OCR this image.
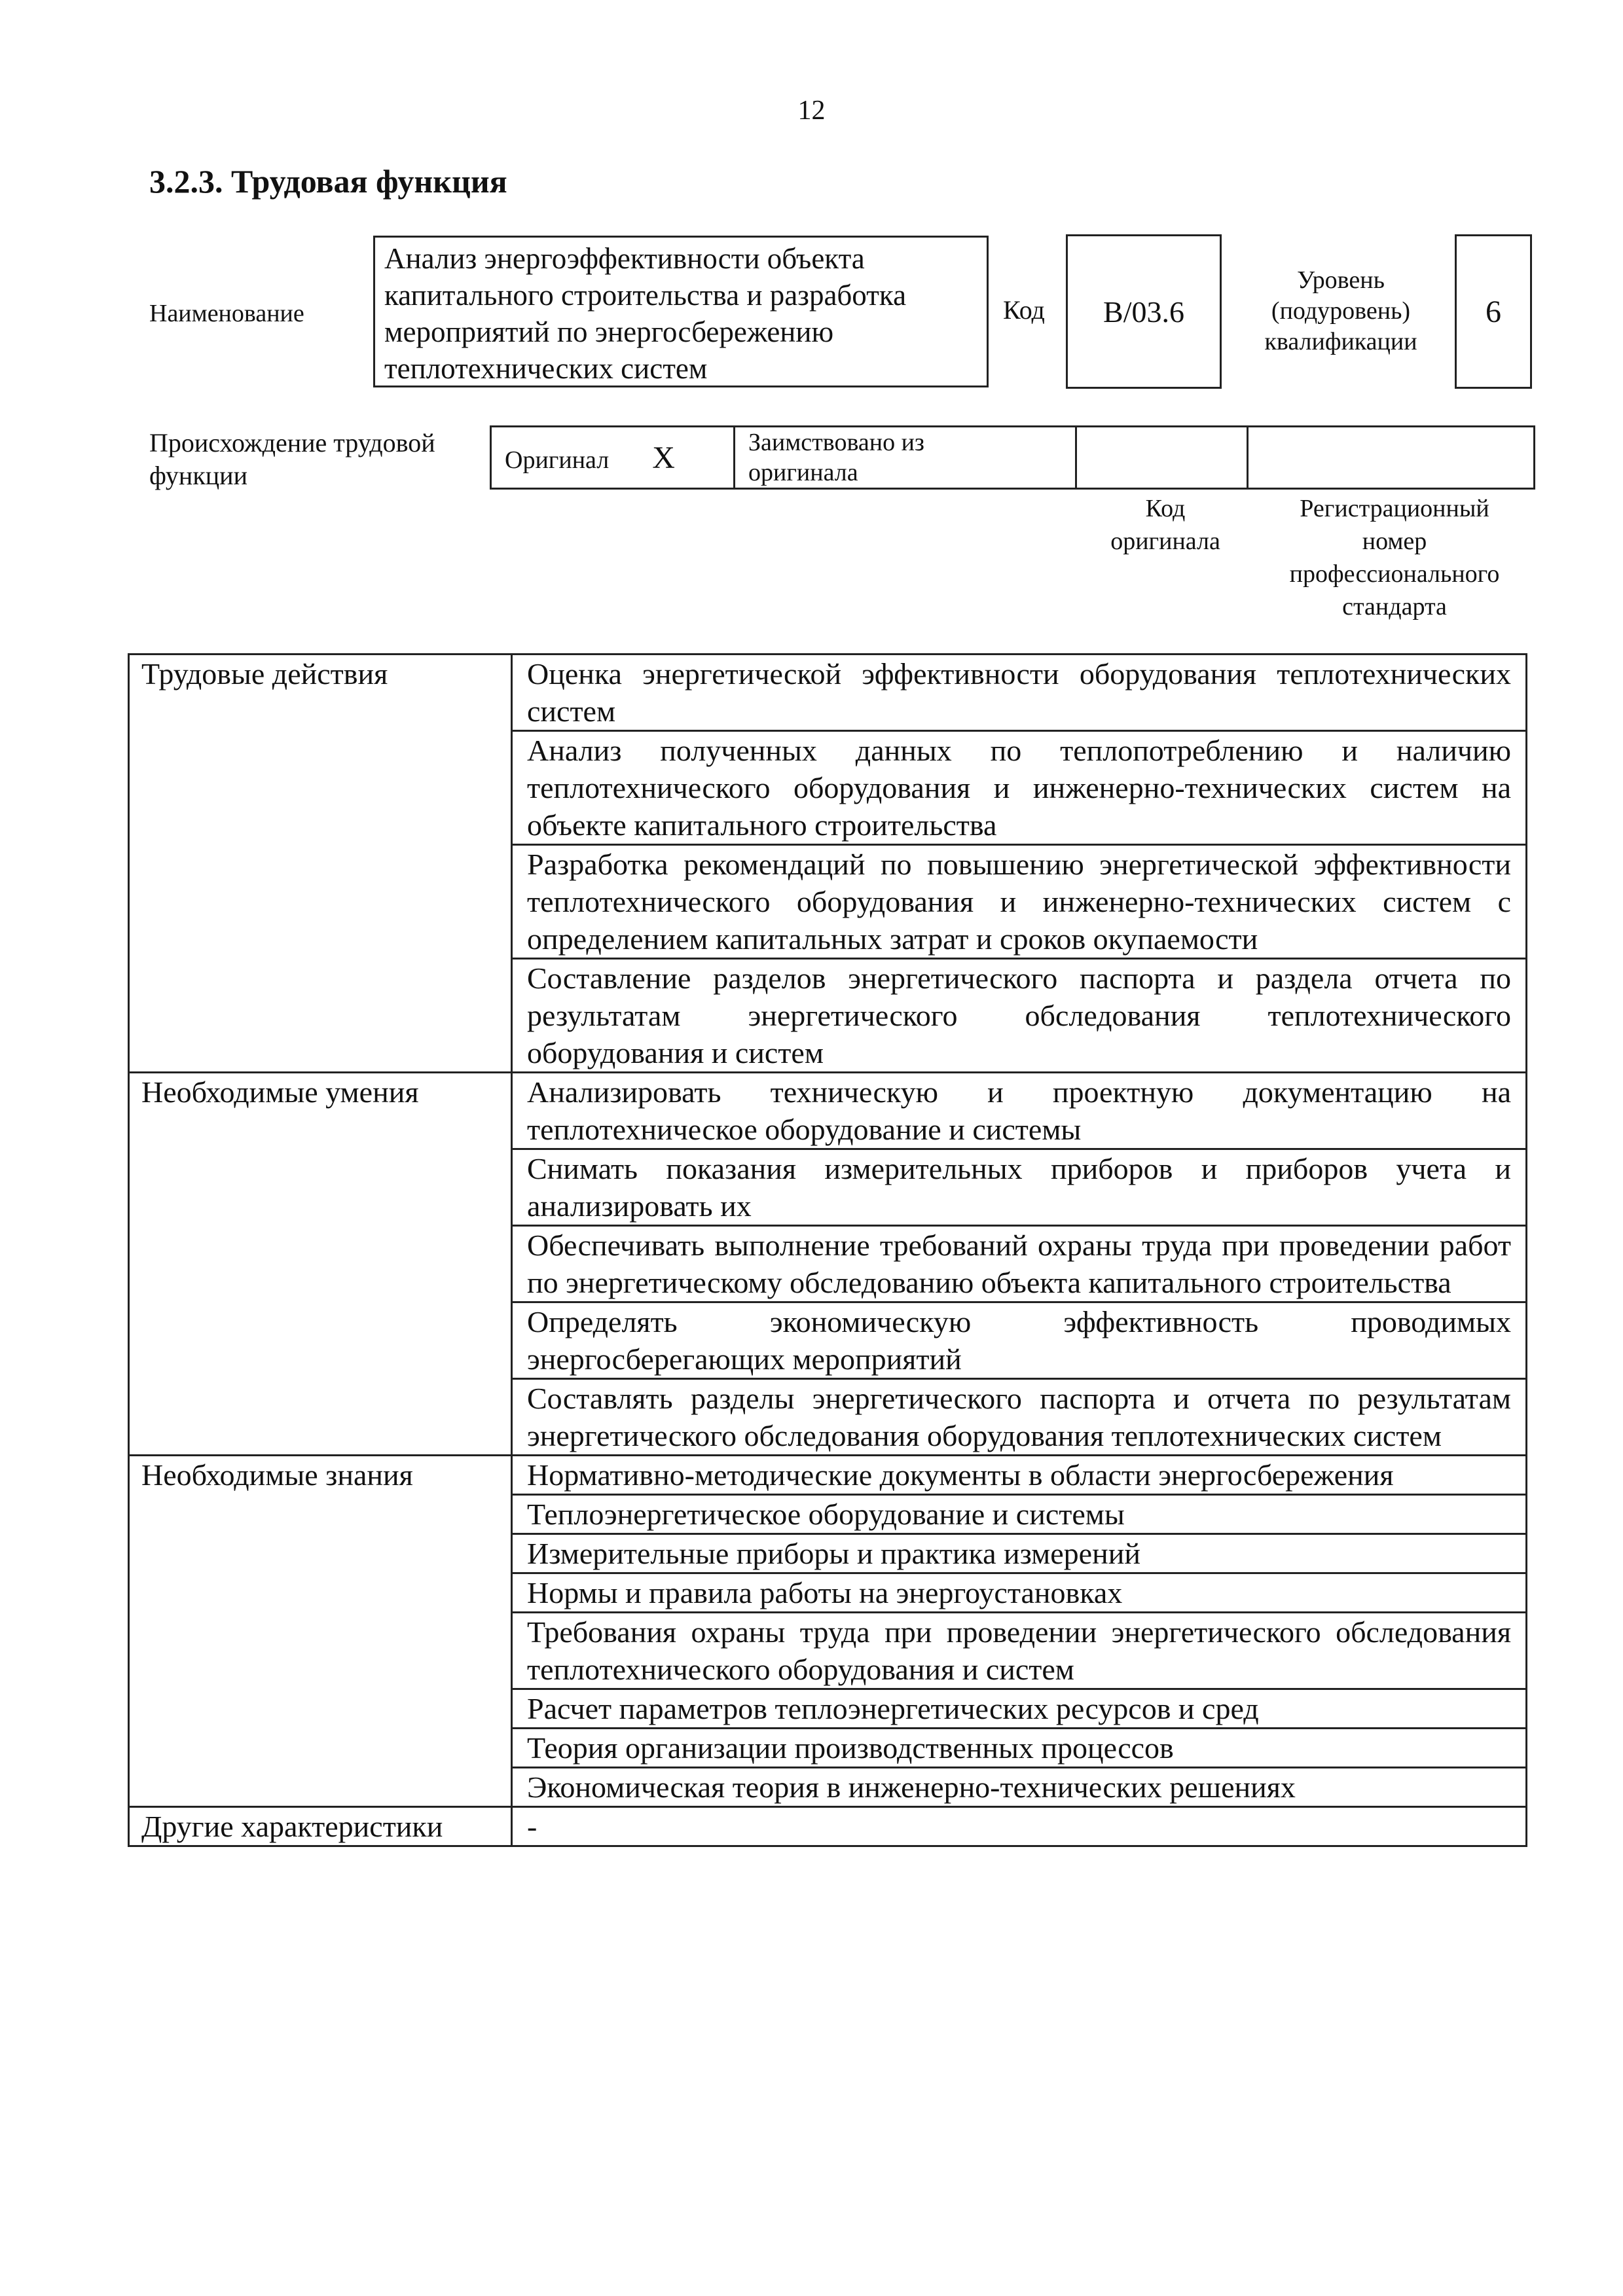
12
3.2.3. Трудовая функция
Наименование
Анализ энергоэффективности объекта
капитального строительства и разработка
мероприятий по энергосбережению
теплотехнических систем
Код	B/03.6
Уровень
(подуровень)
квалификации
6
Происхождение трудовой
функции
Оригинал X	Заимствовано из
оригинала

Код
оригинала
Регистрационный
номер
профессионального
стандарта
Трудовые действия	Оценка энергетической эффективности оборудования теплотехнических систем
	Анализ полученных данных по теплопотреблению и наличию теплотехнического оборудования и инженерно-технических систем на объекте капитального строительства
	Разработка рекомендаций по повышению энергетической эффективности теплотехнического оборудования и инженерно-технических систем с определением капитальных затрат и сроков окупаемости
	Составление разделов энергетического паспорта и раздела отчета по результатам энергетического обследования теплотехнического оборудования и систем
Необходимые умения	Анализировать техническую и проектную документацию на теплотехническое оборудование и системы
	Снимать показания измерительных приборов и приборов учета и анализировать их
	Обеспечивать выполнение требований охраны труда при проведении работ по энергетическому обследованию объекта капитального строительства
	Определять экономическую эффективность проводимых энергосберегающих мероприятий
	Составлять разделы энергетического паспорта и отчета по результатам энергетического обследования оборудования теплотехнических систем
Необходимые знания	Нормативно-методические документы в области энергосбережения
	Теплоэнергетическое оборудование и системы
	Измерительные приборы и практика измерений
	Нормы и правила работы на энергоустановках
	Требования охраны труда при проведении энергетического обследования теплотехнического оборудования и систем
	Расчет параметров теплоэнергетических ресурсов и сред
	Теория организации производственных процессов
	Экономическая теория в инженерно-технических решениях
Другие характеристики	-
